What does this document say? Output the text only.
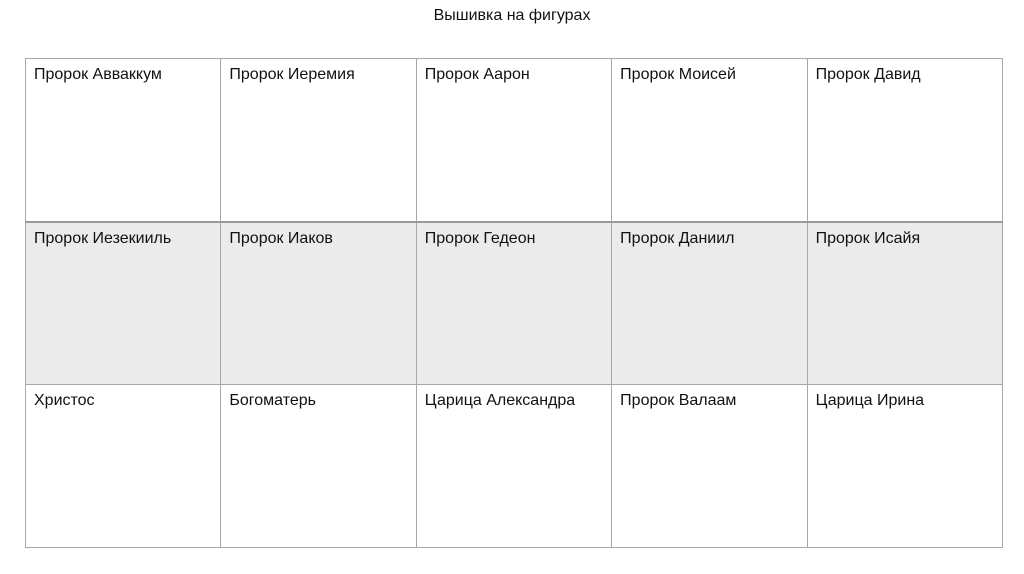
Вышивка на фигурах
Пророк Авваккум	Пророк Иеремия	Пророк Аарон	Пророк Моисей	Пророк Давид
Пророк Иезекииль	Пророк Иаков	Пророк Гедеон	Пророк Даниил	Пророк Исайя
Христос	Богоматерь	Царица Александра	Пророк Валаам	Царица Ирина
